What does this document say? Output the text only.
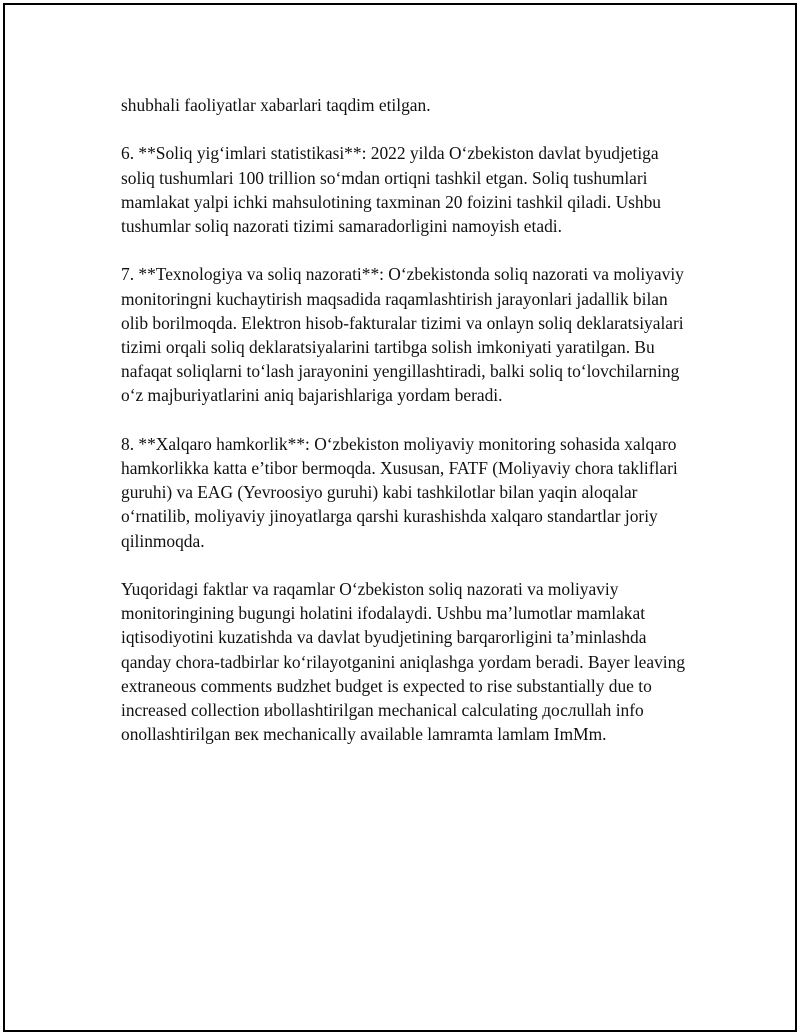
shubhali faoliyatlar xabarlari taqdim etilgan.

6. **Soliq yig‘imlari statistikasi**: 2022 yilda O‘zbekiston davlat byudjetiga soliq tushumlari 100 trillion so‘mdan ortiqni tashkil etgan. Soliq tushumlari mamlakat yalpi ichki mahsulotining taxminan 20 foizini tashkil qiladi. Ushbu tushumlar soliq nazorati tizimi samaradorligini namoyish etadi.

7. **Texnologiya va soliq nazorati**: O‘zbekistonda soliq nazorati va moliyaviy monitoringni kuchaytirish maqsadida raqamlashtirish jarayonlari jadallik bilan olib borilmoqda. Elektron hisob-fakturalar tizimi va onlayn soliq deklaratsiyalari tizimi orqali soliq deklaratsiyalarini tartibga solish imkoniyati yaratilgan. Bu nafaqat soliqlarni to‘lash jarayonini yengillashtiradi, balki soliq to‘lovchilarning o‘z majburiyatlarini aniq bajarishlariga yordam beradi.

8. **Xalqaro hamkorlik**: O‘zbekiston moliyaviy monitoring sohasida xalqaro hamkorlikka katta e’tibor bermoqda. Xususan, FATF (Moliyaviy chora takliflari guruhi) va EAG (Yevroosiyo guruhi) kabi tashkilotlar bilan yaqin aloqalar o‘rnatilib, moliyaviy jinoyatlarga qarshi kurashishda xalqaro standartlar joriy qilinmoqda.

Yuqoridagi faktlar va raqamlar O‘zbekiston soliq nazorati va moliyaviy monitoringining bugungi holatini ifodalaydi. Ushbu ma’lumotlar mamlakat iqtisodiyotini kuzatishda va davlat byudjetining barqarorligini ta’minlashda qanday chora-tadbirlar ko‘rilayotganini aniqlashga yordam beradi. Bayer leaving extraneous comments вudzhet budget is expected to rise substantially due to increased collection иbollashtirilgan mechanical calculating дослullah info onollashtirilgan век mechanically available lamramta lamlam ImMm.
